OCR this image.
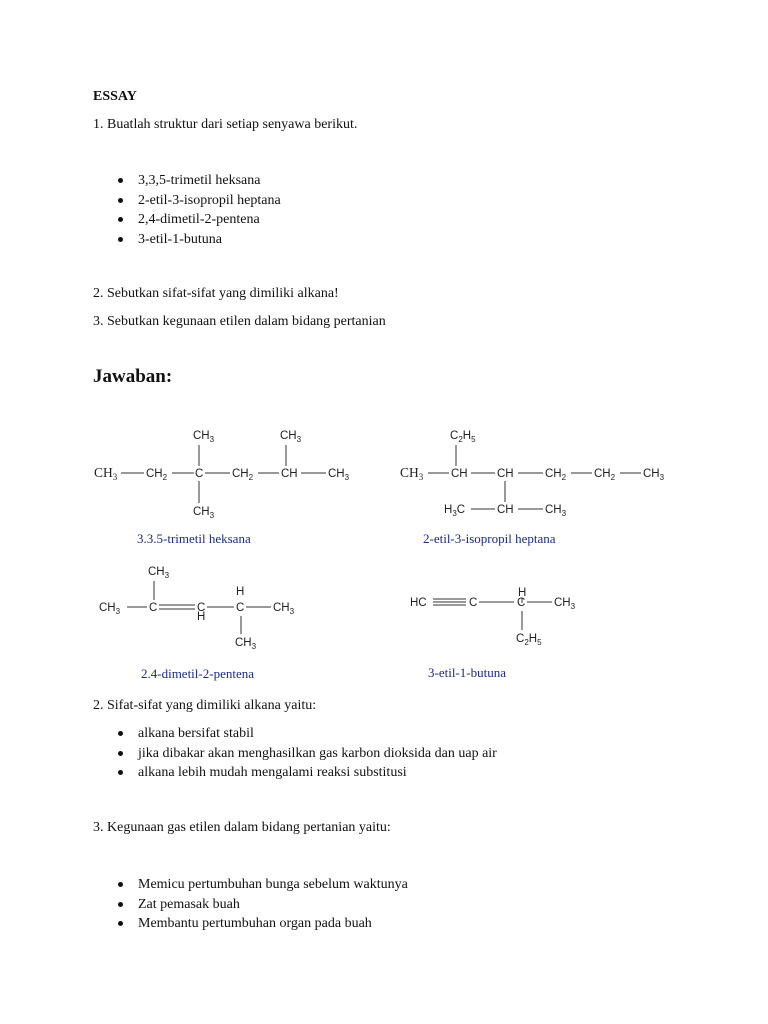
ESSAY
1. Buatlah struktur dari setiap senyawa berikut.
3,3,5-trimetil heksana
2-etil-3-isopropil heptana
2,4-dimetil-2-pentena
3-etil-1-butuna
2. Sebutkan sifat-sifat yang dimiliki alkana!
3. Sebutkan kegunaan etilen dalam bidang pertanian
Jawaban:
$CH_3$	$CH_3$
$CH_3$ $CH_2$ C $CH_2$ CH	$CH_3$
$CH_3$
3.3.5-trimetil heksana
$C_2H_5$
$CH_3$ CH	CH	$CH_2$ $CH_2$ $CH_3$
$H_3C$	CH	$CH_3$
2-etil-3-isopropil heptana
$CH_3$
$CH_3$	C	C
H
C
H
$CH_3$
$CH_3$
2.4-dimetil-2-pentena
H
HC	C	C $CH_3$
$C_2H_5$
3-etil-1-butuna
2. Sifat-sifat yang dimiliki alkana yaitu:
alkana bersifat stabil
jika dibakar akan menghasilkan gas karbon dioksida dan uap air
alkana lebih mudah mengalami reaksi substitusi
3. Kegunaan gas etilen dalam bidang pertanian yaitu:
Memicu pertumbuhan bunga sebelum waktunya
Zat pemasak buah
Membantu pertumbuhan organ pada buah
